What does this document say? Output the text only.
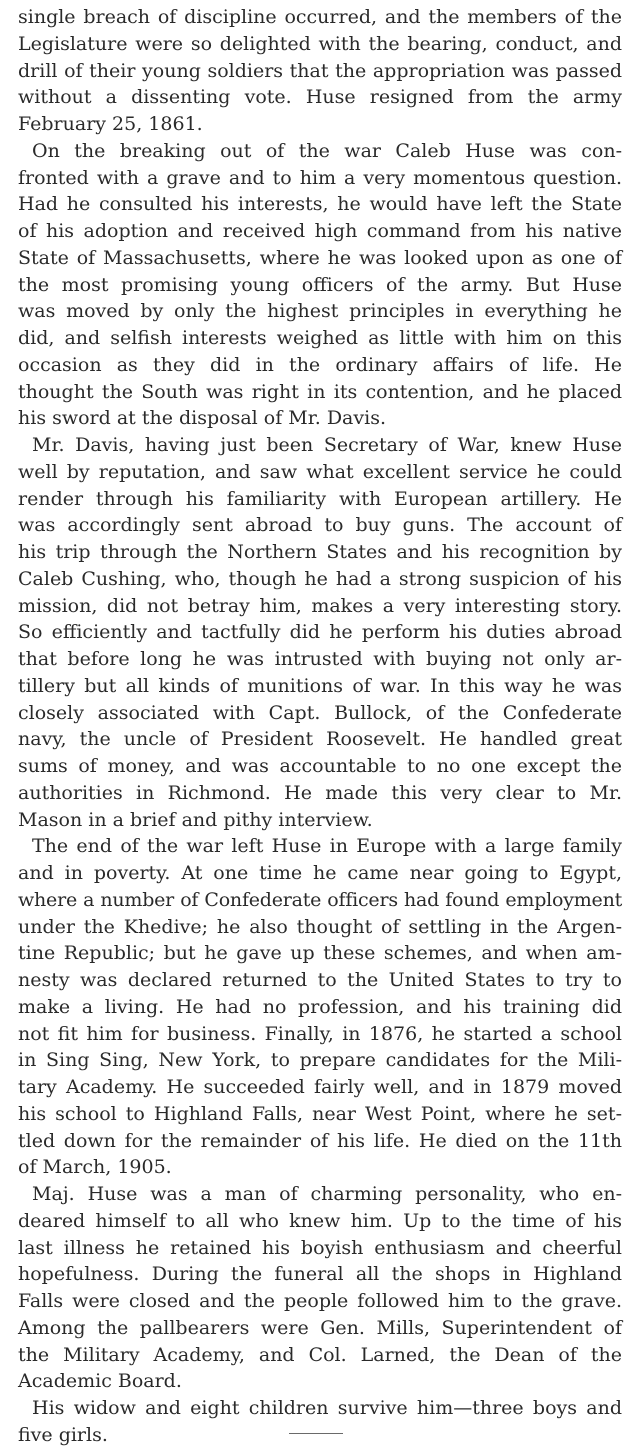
single breach of discipline occurred, and the members of the
Legislature were so delighted with the bearing, conduct, and
drill of their young soldiers that the appropriation was passed
without a dissenting vote. Huse resigned from the army
February 25, 1861.
On the breaking out of the war Caleb Huse was con-
fronted with a grave and to him a very momentous question.
Had he consulted his interests, he would have left the State
of his adoption and received high command from his native
State of Massachusetts, where he was looked upon as one of
the most promising young officers of the army. But Huse
was moved by only the highest principles in everything he
did, and selfish interests weighed as little with him on this
occasion as they did in the ordinary affairs of life. He
thought the South was right in its contention, and he placed
his sword at the disposal of Mr. Davis.
Mr. Davis, having just been Secretary of War, knew Huse
well by reputation, and saw what excellent service he could
render through his familiarity with European artillery. He
was accordingly sent abroad to buy guns. The account of
his trip through the Northern States and his recognition by
Caleb Cushing, who, though he had a strong suspicion of his
mission, did not betray him, makes a very interesting story.
So efficiently and tactfully did he perform his duties abroad
that before long he was intrusted with buying not only ar-
tillery but all kinds of munitions of war. In this way he was
closely associated with Capt. Bullock, of the Confederate
navy, the uncle of President Roosevelt. He handled great
sums of money, and was accountable to no one except the
authorities in Richmond. He made this very clear to Mr.
Mason in a brief and pithy interview.
The end of the war left Huse in Europe with a large family
and in poverty. At one time he came near going to Egypt,
where a number of Confederate officers had found employment
under the Khedive; he also thought of settling in the Argen-
tine Republic; but he gave up these schemes, and when am-
nesty was declared returned to the United States to try to
make a living. He had no profession, and his training did
not fit him for business. Finally, in 1876, he started a school
in Sing Sing, New York, to prepare candidates for the Mili-
tary Academy. He succeeded fairly well, and in 1879 moved
his school to Highland Falls, near West Point, where he set-
tled down for the remainder of his life. He died on the 11th
of March, 1905.
Maj. Huse was a man of charming personality, who en-
deared himself to all who knew him. Up to the time of his
last illness he retained his boyish enthusiasm and cheerful
hopefulness. During the funeral all the shops in Highland
Falls were closed and the people followed him to the grave.
Among the pallbearers were Gen. Mills, Superintendent of
the Military Academy, and Col. Larned, the Dean of the
Academic Board.
His widow and eight children survive him—three boys and
five girls.
